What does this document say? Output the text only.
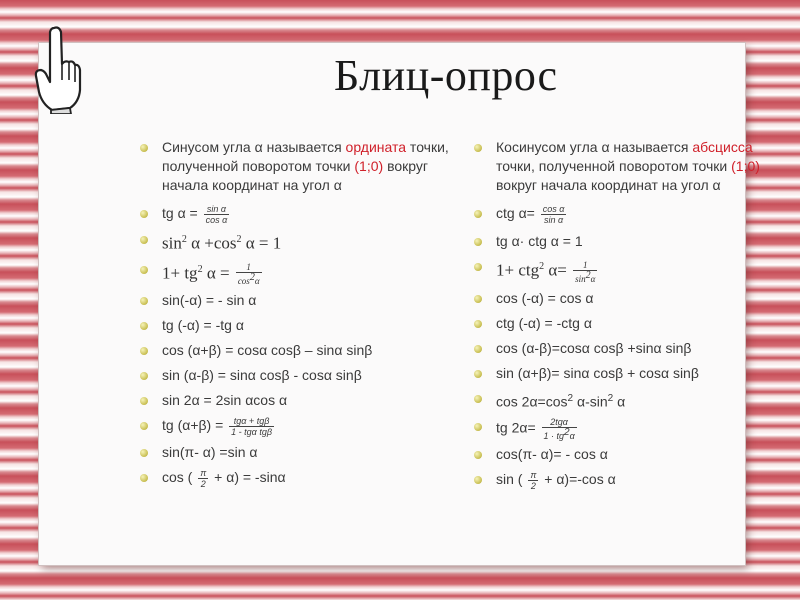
Блиц-опрос
Синусом угла α называется ордината точки, полученной поворотом точки (1;0) вокруг начала координат на угол α
tg $\alpha = \frac{\text{sin α}}{\text{cos α}}$
$\sin^2 \alpha +\cos^2$ α = 1
$1+ tg^2$ $\alpha = \frac{1}{\cos^2\alpha}$
sin(-α) = - sin α
tg (-α) = -tg α
cos (α+β) = cosα cosβ – sinα sinβ
sin (α-β) = sinα cosβ - cosα sinβ
sin 2α = 2sin αcos α
tg $(\alpha+\beta) = \frac{\text{tgα + tgβ}}{\text{1 - tgα tgβ}}$
sin(π- α) =sin α
cos ( $\frac{\pi}{2} + \alpha) = -\sin\alpha$
Косинусом угла α называется абсцисса точки, полученной поворотом точки (1;0) вокруг начала координат на угол α
ctg $\alpha= \frac{\text{cos α}}{\text{sin α}}$
tg α· ctg α = 1
1+ ctg$^2$ $\alpha= \frac{1}{\sin^2\alpha}$
cos (-α) = cos α
ctg (-α) = -ctg α
cos (α-β)=cosα cosβ +sinα sinβ
sin (α+β)= sinα cosβ + cosα sinβ
$\cos 2\alpha=\cos^2$ $\alpha-\sin^2$ α
tg $2\alpha= \frac{\text{2tgα}}{1 \cdot tg^2\alpha}$
cos(π- α)= - cos α
sin ( $\frac{\pi}{2} + \alpha)=-\cos$ α
